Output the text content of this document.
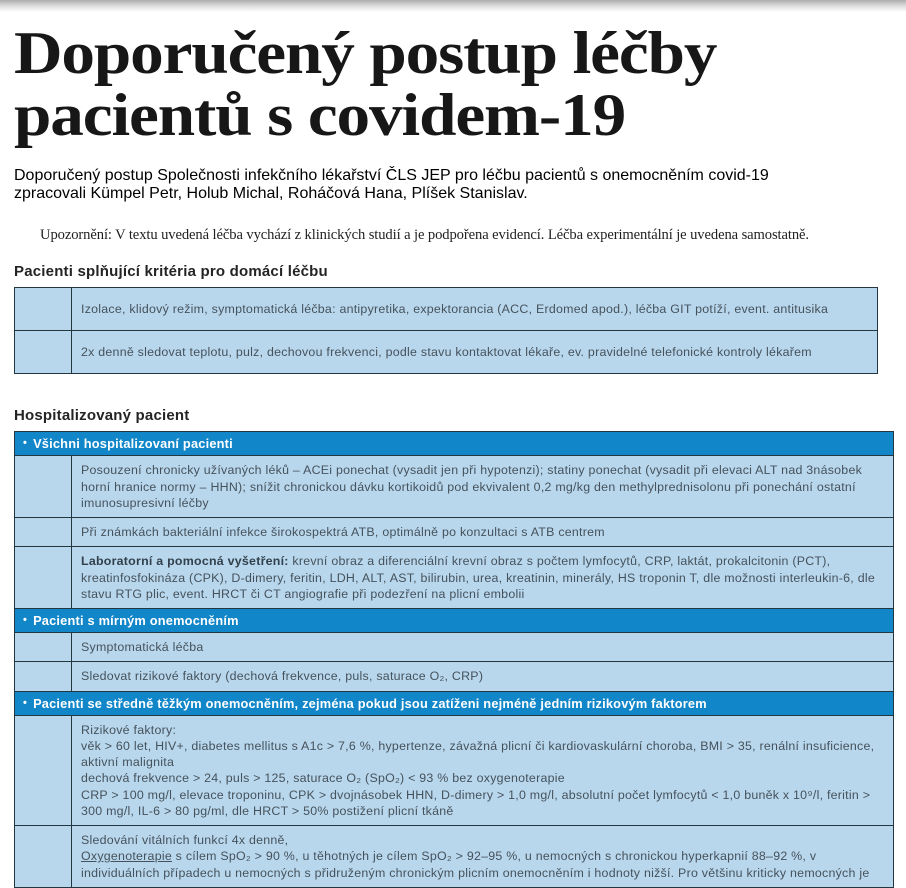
Doporučený postup léčby
pacientů s covidem-19

Doporučený postup Společnosti infekčního lékařství ČLS JEP pro léčbu pacientů s onemocněním covid-19
zpracovali Kümpel Petr, Holub Michal, Roháčová Hana, Plíšek Stanislav.

Upozornění: V textu uvedená léčba vychází z klinických studií a je podpořena evidencí. Léčba experimentální je uvedena samostatně.

Pacienti splňující kritéria pro domácí léčbu
Izolace, klidový režim, symptomatická léčba: antipyretika, expektorancia (ACC, Erdomed apod.), léčba GIT potíží, event. antitusika
2x denně sledovat teplotu, pulz, dechovou frekvenci, podle stavu kontaktovat lékaře, ev. pravidelné telefonické kontroly lékařem
Hospitalizovaný pacient
• Všichni hospitalizovaní pacienti
Posouzení chronicky užívaných léků – ACEi ponechat (vysadit jen při hypotenzi); statiny ponechat (vysadit při elevaci ALT nad 3násobek horní hranice normy – HHN); snížit chronickou dávku kortikoidů pod ekvivalent 0,2 mg/kg den methylprednisolonu při ponechání ostatní imunosupresivní léčby
Při známkách bakteriální infekce širokospektrá ATB, optimálně po konzultaci s ATB centrem
Laboratorní a pomocná vyšetření: krevní obraz a diferenciální krevní obraz s počtem lymfocytů, CRP, laktát, prokalcitonin (PCT), kreatinfosfokináza (CPK), D-dimery, feritin, LDH, ALT, AST, bilirubin, urea, kreatinin, minerály, HS troponin T, dle možnosti interleukin-6, dle stavu RTG plic, event. HRCT či CT angiografie při podezření na plicní embolii
• Pacienti s mírným onemocněním
Symptomatická léčba
Sledovat rizikové faktory (dechová frekvence, puls, saturace O₂, CRP)
• Pacienti se středně těžkým onemocněním, zejména pokud jsou zatíženi nejméně jedním rizikovým faktorem
Rizikové faktory:
věk > 60 let, HIV+, diabetes mellitus s A1c > 7,6 %, hypertenze, závažná plicní či kardiovaskulární choroba, BMI > 35, renální insuficience, aktivní malignita
dechová frekvence > 24, puls > 125, saturace O₂ (SpO₂) < 93 % bez oxygenoterapie
CRP > 100 mg/l, elevace troponinu, CPK > dvojnásobek HHN, D-dimery > 1,0 mg/l, absolutní počet lymfocytů < 1,0 buněk x 10⁹/l, feritin > 300 mg/l, IL-6 > 80 pg/ml, dle HRCT > 50% postižení plicní tkáně
Sledování vitálních funkcí 4x denně,
Oxygenoterapie s cílem SpO₂ > 90 %, u těhotných je cílem SpO₂ > 92–95 %, u nemocných s chronickou hyperkapnií 88–92 %, v individuálních případech u nemocných s přidruženým chronickým plicním onemocněním i hodnoty nižší. Pro většinu kriticky nemocných je
